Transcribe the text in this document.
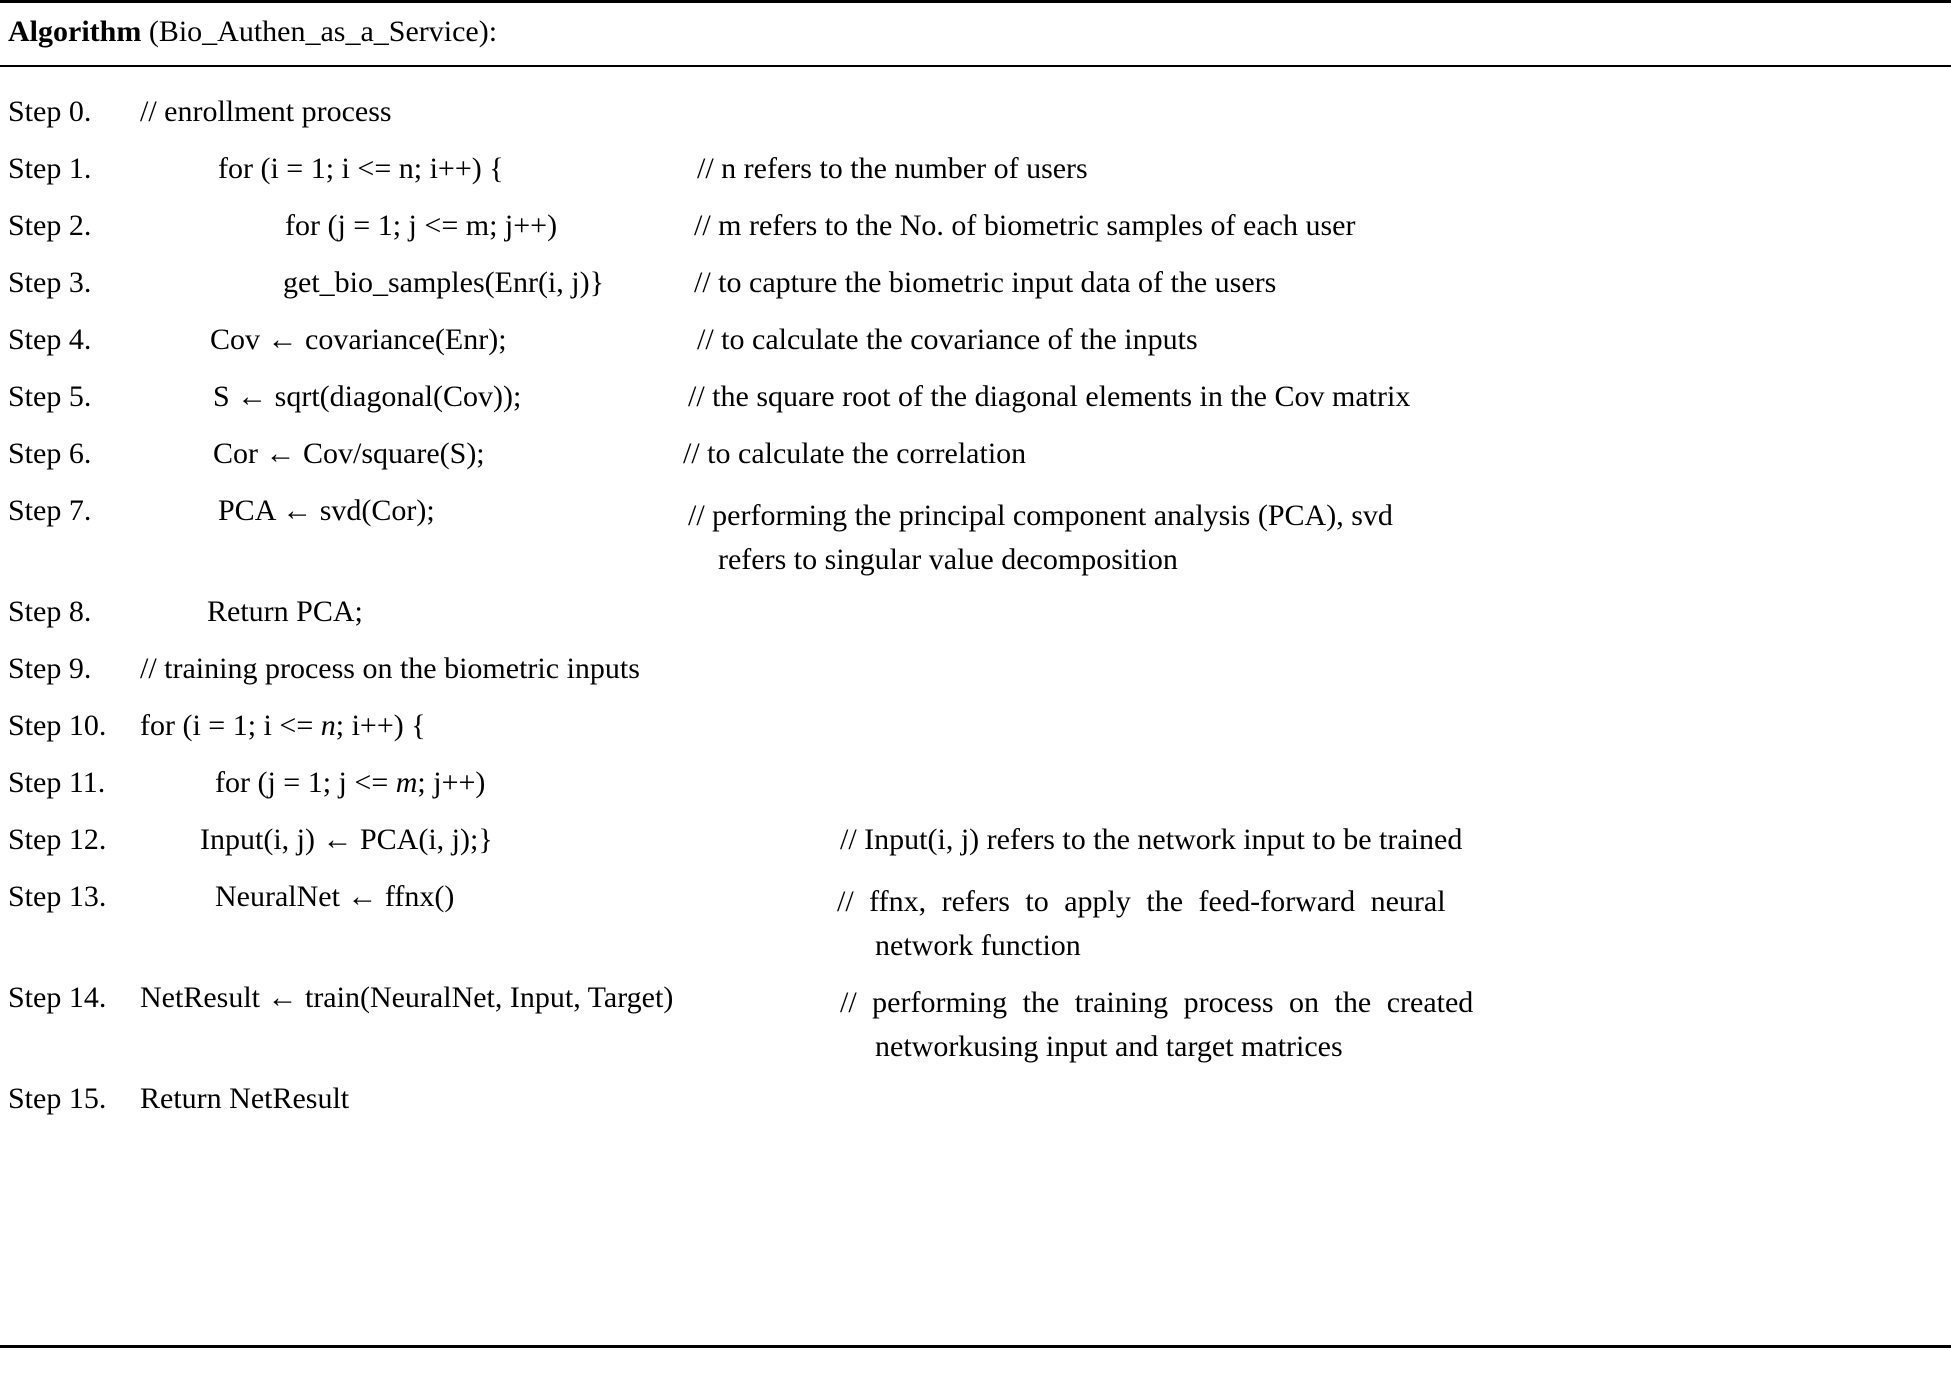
Algorithm (Bio_Authen_as_a_Service):
Step 0. // enrollment process
Step 1.	for (i = 1; i <= n; i++) {	// n refers to the number of users
Step 2.	for (j = 1; j <= m; j++)	// m refers to the No. of biometric samples of each user
Step 3.	get_bio_samples(Enr(i, j)}	// to capture the biometric input data of the users
Step 4.	Cov ← covariance(Enr);	// to calculate the covariance of the inputs
Step 5.	S ← sqrt(diagonal(Cov));	// the square root of the diagonal elements in the Cov matrix
Step 6.	Cor ← Cov/square(S);	// to calculate the correlation
Step 7.	PCA ← svd(Cor);	// performing the principal component analysis (PCA), svd
refers to singular value decomposition
Step 8.	Return PCA;
Step 9. // training process on the biometric inputs
Step 10. for (i = 1; i <= n; i++) {
Step 11.	for (j = 1; j <= m; j++)
Step 12.	Input(i, j) ← PCA(i, j);}	// Input(i, j) refers to the network input to be trained
Step 13.	NeuralNet ← ffnx()	// ffnx, refers to apply the feed-forward neural
network function
Step 14. NetResult ← train(NeuralNet, Input, Target)	// performing the training process on the created
networkusing input and target matrices
Step 15. Return NetResult
